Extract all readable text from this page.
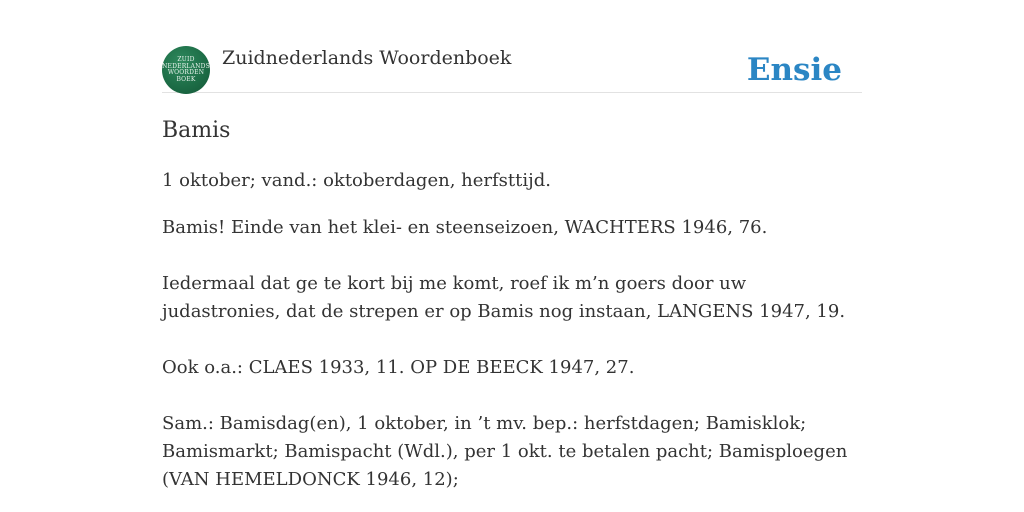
ZUID
NEDERLANDS
WOORDEN
BOEK
Zuidnederlands Woordenboek	Ensie
Bamis

1 oktober; vand.: oktoberdagen, herfsttijd.

Bamis! Einde van het klei- en steenseizoen, WACHTERS 1946, 76.

Iedermaal dat ge te kort bij me komt, roef ik m’n goers door uw judastronies, dat de strepen er op Bamis nog instaan, LANGENS 1947, 19.

Ook o.a.: CLAES 1933, 11. OP DE BEECK 1947, 27.

Sam.: Bamisdag(en), 1 oktober, in ’t mv. bep.: herfstdagen; Bamisklok; Bamismarkt; Bamispacht (Wdl.), per 1 okt. te betalen pacht; Bamisploegen (VAN HEMELDONCK 1946, 12);
